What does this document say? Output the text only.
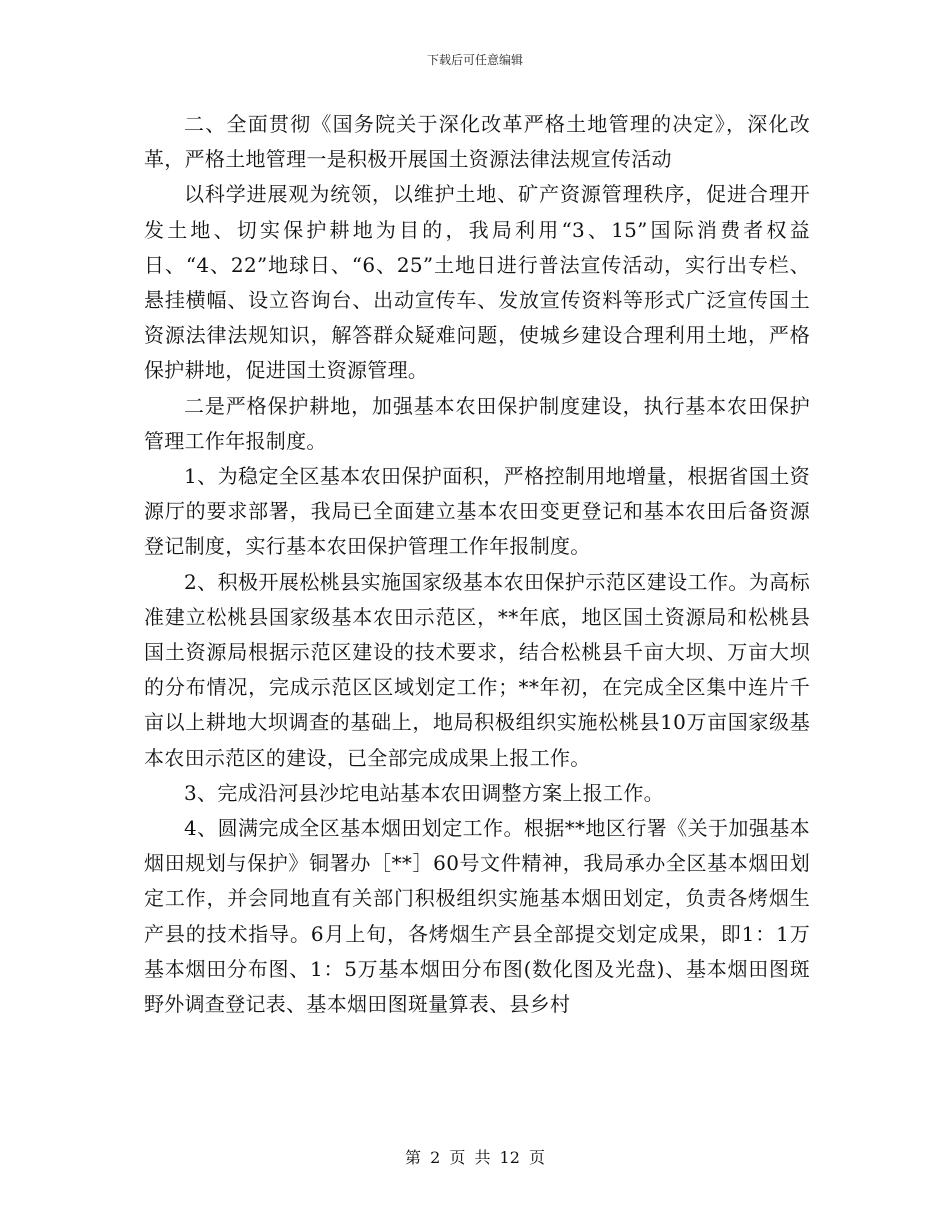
下载后可任意编辑

二、全面贯彻《国务院关于深化改革严格土地管理的决定》，深化改革，严格土地管理一是积极开展国土资源法律法规宣传活动

以科学进展观为统领，以维护土地、矿产资源管理秩序，促进合理开发土地、切实保护耕地为目的，我局利用“3、15”国际消费者权益日、“4、22”地球日、“6、25”土地日进行普法宣传活动，实行出专栏、悬挂横幅、设立咨询台、出动宣传车、发放宣传资料等形式广泛宣传国土资源法律法规知识，解答群众疑难问题，使城乡建设合理利用土地，严格保护耕地，促进国土资源管理。

二是严格保护耕地，加强基本农田保护制度建设，执行基本农田保护管理工作年报制度。

1、为稳定全区基本农田保护面积，严格控制用地增量，根据省国土资源厅的要求部署，我局已全面建立基本农田变更登记和基本农田后备资源登记制度，实行基本农田保护管理工作年报制度。

2、积极开展松桃县实施国家级基本农田保护示范区建设工作。为高标准建立松桃县国家级基本农田示范区，**年底，地区国土资源局和松桃县国土资源局根据示范区建设的技术要求，结合松桃县千亩大坝、万亩大坝的分布情况，完成示范区区域划定工作；**年初，在完成全区集中连片千亩以上耕地大坝调查的基础上，地局积极组织实施松桃县10万亩国家级基本农田示范区的建设，已全部完成成果上报工作。

3、完成沿河县沙坨电站基本农田调整方案上报工作。

4、圆满完成全区基本烟田划定工作。根据**地区行署《关于加强基本烟田规划与保护》铜署办［**］60号文件精神，我局承办全区基本烟田划定工作，并会同地直有关部门积极组织实施基本烟田划定，负责各烤烟生产县的技术指导。6月上旬，各烤烟生产县全部提交划定成果，即1：1万基本烟田分布图、1：5万基本烟田分布图(数化图及光盘)、基本烟田图斑野外调查登记表、基本烟田图斑量算表、县乡村

第 2 页 共 12 页
